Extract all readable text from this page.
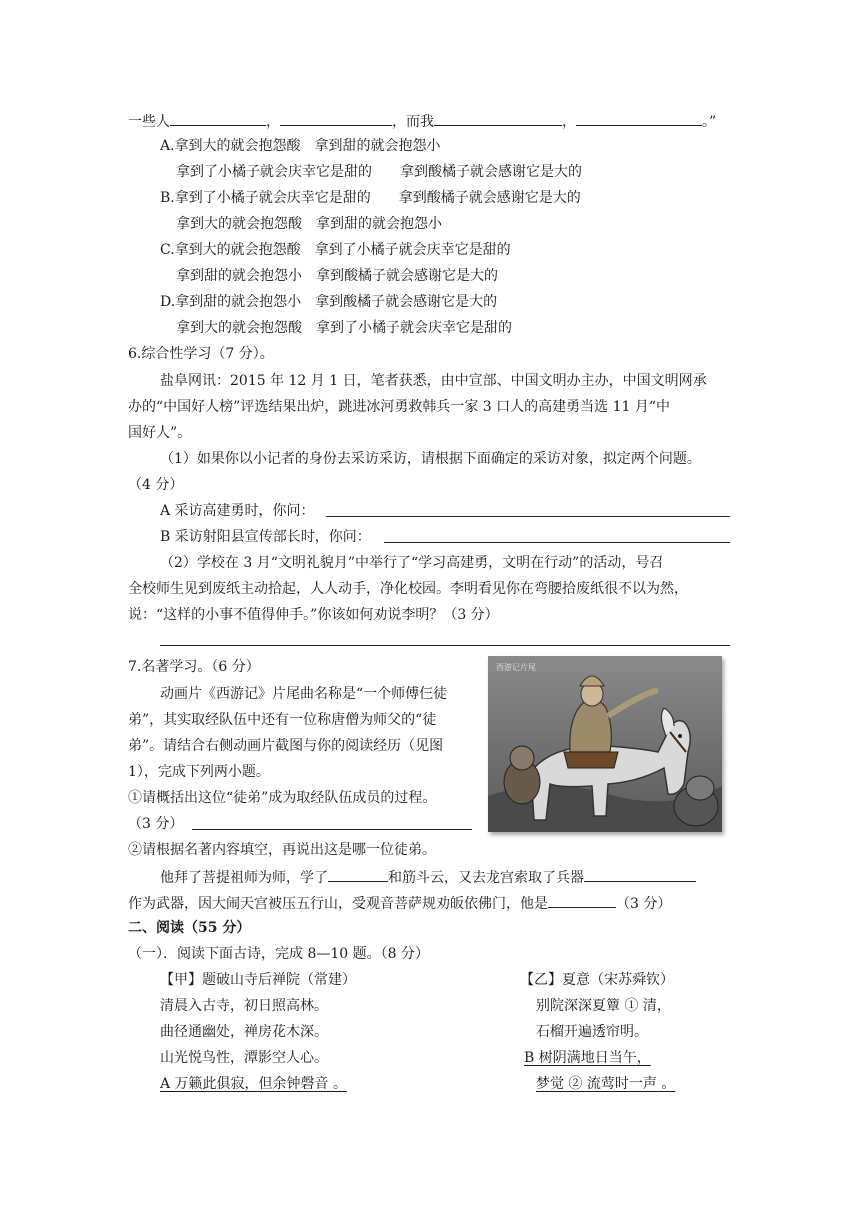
一些人	，	，而我	，	。”
A.拿到大的就会抱怨酸　拿到甜的就会抱怨小
拿到了小橘子就会庆幸它是甜的　　拿到酸橘子就会感谢它是大的
B.拿到了小橘子就会庆幸它是甜的　　拿到酸橘子就会感谢它是大的
拿到大的就会抱怨酸　拿到甜的就会抱怨小
C.拿到大的就会抱怨酸　拿到了小橘子就会庆幸它是甜的
拿到甜的就会抱怨小　拿到酸橘子就会感谢它是大的
D.拿到甜的就会抱怨小　拿到酸橘子就会感谢它是大的
拿到大的就会抱怨酸　拿到了小橘子就会庆幸它是甜的
6.综合性学习（7 分）。
盐阜网讯：2015 年 12 月 1 日，笔者获悉，由中宣部、中国文明办主办，中国文明网承
办的“中国好人榜”评选结果出炉，跳进冰河勇救韩兵一家 3 口人的高建勇当选 11 月“中
国好人”。
（1）如果你以小记者的身份去采访采访，请根据下面确定的采访对象，拟定两个问题。
（4 分）
A 采访高建勇时，你问：
B 采访射阳县宣传部长时，你问：
（2）学校在 3 月“文明礼貌月”中举行了“学习高建勇，文明在行动”的活动，号召
全校师生见到废纸主动拾起，人人动手，净化校园。李明看见你在弯腰拾废纸很不以为然，
说：“这样的小事不值得伸手。”你该如何劝说李明？（3 分）
7.名著学习。（6 分）
动画片《西游记》片尾曲名称是“一个师傅仨徒
弟”，其实取经队伍中还有一位称唐僧为师父的“徒
弟”。请结合右侧动画片截图与你的阅读经历（见图
1），完成下列两小题。
①请概括出这位“徒弟”成为取经队伍成员的过程。
（3 分）
②请根据名著内容填空，再说出这是哪一位徒弟。
他拜了菩提祖师为师，学了	和筋斗云，又去龙宫索取了兵器
作为武器，因大闹天宫被压五行山，受观音菩萨规劝皈依佛门，他是	（3 分）
西游记片尾
二、阅读（55 分）
（一）．阅读下面古诗，完成 8—10 题。（8 分）
【甲】题破山寺后禅院（常建）
清晨入古寺，初日照高林。
曲径通幽处，禅房花木深。
山光悦鸟性，潭影空人心。
A 万籁此俱寂，但余钟磬音 。
【乙】夏意（宋苏舜钦）
别院深深夏簟 ① 清，
石榴开遍透帘明。
B 树阴满地日当午，
梦觉 ② 流莺时一声 。
